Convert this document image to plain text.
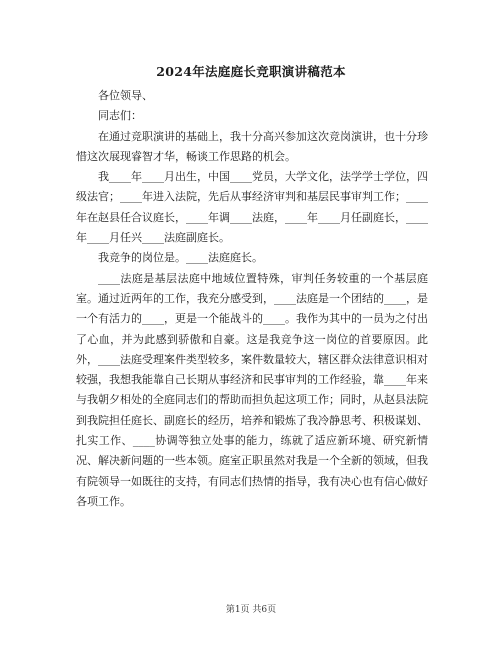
2024年法庭庭长竞职演讲稿范本

各位领导、

同志们：

在通过竞职演讲的基础上，我十分高兴参加这次竞岗演讲，也十分珍惜这次展现睿智才华，畅谈工作思路的机会。

我____年____月出生，中国____党员，大学文化，法学学士学位，四级法官；____年进入法院，先后从事经济审判和基层民事审判工作；____年在赵县任合议庭长，____年调____法庭，____年____月任副庭长，____年____月任兴____法庭副庭长。

我竞争的岗位是。____法庭庭长。

____法庭是基层法庭中地域位置特殊，审判任务较重的一个基层庭室。通过近两年的工作，我充分感受到，____法庭是一个团结的____，是一个有活力的____，更是一个能战斗的____。我作为其中的一员为之付出了心血，并为此感到骄傲和自豪。这是我竞争这一岗位的首要原因。此外，____法庭受理案件类型较多，案件数量较大，辖区群众法律意识相对较强，我想我能靠自己长期从事经济和民事审判的工作经验，靠____年来与我朝夕相处的全庭同志们的帮助而担负起这项工作；同时，从赵县法院到我院担任庭长、副庭长的经历，培养和锻炼了我冷静思考、积极谋划、扎实工作、____协调等独立处事的能力，练就了适应新环境、研究新情况、解决新问题的一些本领。庭室正职虽然对我是一个全新的领域，但我有院领导一如既往的支持，有同志们热情的指导，我有决心也有信心做好各项工作。

第1页 共6页
